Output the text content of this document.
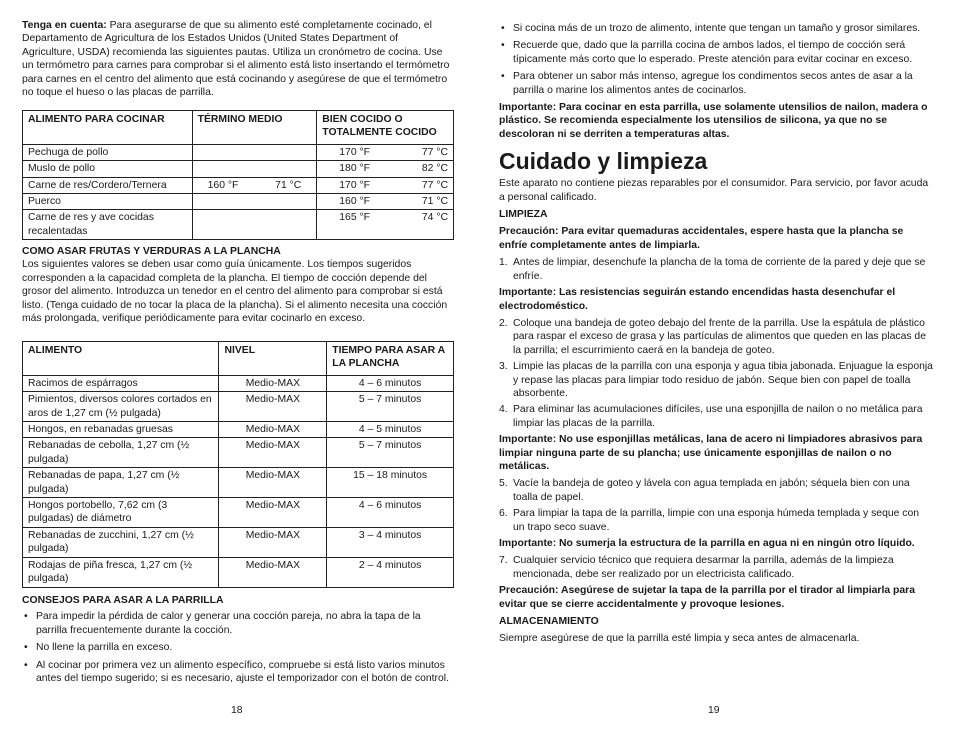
Tenga en cuenta: Para asegurarse de que su alimento esté completamente cocinado, el Departamento de Agricultura de los Estados Unidos (United States Department of Agriculture, USDA) recomienda las siguientes pautas. Utiliza un cronómetro de cocina. Use un termómetro para carnes para comprobar si el alimento está listo insertando el termómetro para carnes en el centro del alimento que está cocinando y asegúrese de que el termómetro no toque el hueso o las placas de parrilla.

ALIMENTO PARA COCINAR	TÉRMINO MEDIO	BIEN COCIDO O TOTALMENTE COCIDO
Pechuga de pollo		170 °F 77 °C

Muslo de pollo		180 °F 82 °C

Carne de res/Cordero/Ternera	160 °F 71 °C	170 °F 77 °C

Puerco		160 °F 71 °C

Carne de res y ave cocidas recalentadas		165 °F 74 °C
COMO ASAR FRUTAS Y VERDURAS A LA PLANCHA

Los siguientes valores se deben usar como guía únicamente. Los tiempos sugeridos corresponden a la capacidad completa de la plancha. El tiempo de cocción depende del grosor del alimento. Introduzca un tenedor en el centro del alimento para comprobar si está listo. (Tenga cuidado de no tocar la placa de la plancha). Si el alimento necesita una cocción más prolongada, verifique periódicamente para evitar cocinarlo en exceso.

ALIMENTO	NIVEL	TIEMPO PARA ASAR A LA PLANCHA
Racimos de espárragos	Medio-MAX	4 – 6 minutos
Pimientos, diversos colores cortados en aros de 1,27 cm (½ pulgada)	Medio-MAX	5 – 7 minutos
Hongos, en rebanadas gruesas	Medio-MAX	4 – 5 minutos
Rebanadas de cebolla, 1,27 cm (½ pulgada)	Medio-MAX	5 – 7 minutos
Rebanadas de papa, 1,27 cm (½ pulgada)	Medio-MAX	15 – 18 minutos
Hongos portobello, 7,62 cm (3 pulgadas) de diámetro	Medio-MAX	4 – 6 minutos
Rebanadas de zucchini, 1,27 cm (½ pulgada)	Medio-MAX	3 – 4 minutos
Rodajas de piña fresca, 1,27 cm (½ pulgada)	Medio-MAX	2 – 4 minutos
CONSEJOS PARA ASAR A LA PARRILLA
• Para impedir la pérdida de calor y generar una cocción pareja, no abra la tapa de la parrilla frecuentemente durante la cocción.
• No llene la parrilla en exceso.
• Al cocinar por primera vez un alimento específico, compruebe si está listo varios minutos antes del tiempo sugerido; si es necesario, ajuste el temporizador con el botón de control.
18
• Si cocina más de un trozo de alimento, intente que tengan un tamaño y grosor similares.
• Recuerde que, dado que la parrilla cocina de ambos lados, el tiempo de cocción será típicamente más corto que lo esperado. Preste atención para evitar cocinar en exceso.
• Para obtener un sabor más intenso, agregue los condimentos secos antes de asar a la parrilla o marine los alimentos antes de cocinarlos.

Importante: Para cocinar en esta parrilla, use solamente utensilios de nailon, madera o plástico. Se recomienda especialmente los utensilios de silicona, ya que no se descoloran ni se derriten a temperaturas altas.

Cuidado y limpieza

Este aparato no contiene piezas reparables por el consumidor. Para servicio, por favor acuda a personal calificado.

LIMPIEZA

Precaución: Para evitar quemaduras accidentales, espere hasta que la plancha se enfríe completamente antes de limpiarla.

1. Antes de limpiar, desenchufe la plancha de la toma de corriente de la pared y deje que se enfríe.

Importante: Las resistencias seguirán estando encendidas hasta desenchufar el electrodoméstico.

2. Coloque una bandeja de goteo debajo del frente de la parrilla. Use la espátula de plástico para raspar el exceso de grasa y las partículas de alimentos que queden en las placas de la parrilla; el escurrimiento caerá en la bandeja de goteo.
3. Limpie las placas de la parrilla con una esponja y agua tibia jabonada. Enjuague la esponja y repase las placas para limpiar todo residuo de jabón. Seque bien con papel de toalla absorbente.
4. Para eliminar las acumulaciones difíciles, use una esponjilla de nailon o no metálica para limpiar las placas de la parrilla.

Importante: No use esponjillas metálicas, lana de acero ni limpiadores abrasivos para limpiar ninguna parte de su plancha; use únicamente esponjillas de nailon o no metálicas.

5. Vacíe la bandeja de goteo y lávela con agua templada en jabón; séquela bien con una toalla de papel.
6. Para limpiar la tapa de la parrilla, limpie con una esponja húmeda templada y seque con un trapo seco suave.

Importante: No sumerja la estructura de la parrilla en agua ni en ningún otro líquido.

7. Cualquier servicio técnico que requiera desarmar la parrilla, además de la limpieza mencionada, debe ser realizado por un electricista calificado.

Precaución: Asegúrese de sujetar la tapa de la parrilla por el tirador al limpiarla para evitar que se cierre accidentalmente y provoque lesiones.

ALMACENAMIENTO

Siempre asegúrese de que la parrilla esté limpia y seca antes de almacenarla.

19
